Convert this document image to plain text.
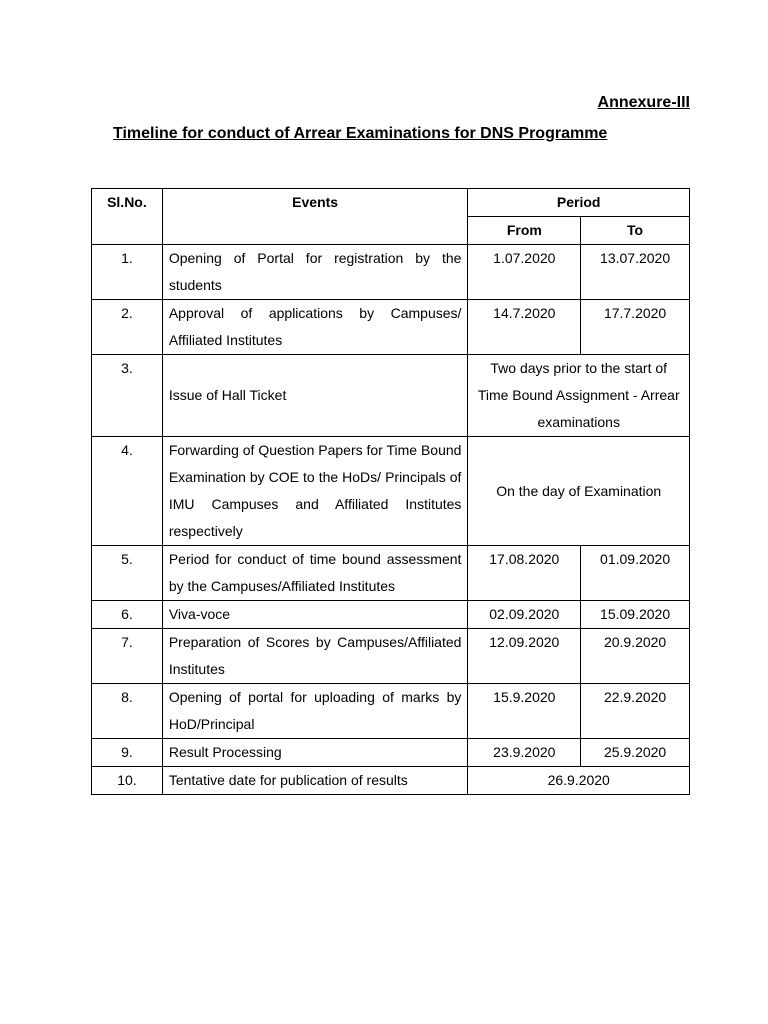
Annexure-III
Timeline for conduct of Arrear Examinations for DNS Programme
Sl.No.	Events	Period	
		From	To
1.	Opening of Portal for registration by the students	1.07.2020	13.07.2020
2.	Approval of applications by Campuses/ Affiliated Institutes	14.7.2020	17.7.2020
3.	Issue of Hall Ticket	Two days prior to the start of Time Bound Assignment - Arrear examinations	
4.	Forwarding of Question Papers for Time Bound Examination by COE to the HoDs/ Principals of IMU Campuses and Affiliated Institutes respectively	On the day of Examination	
5.	Period for conduct of time bound assessment by the Campuses/Affiliated Institutes	17.08.2020	01.09.2020
6.	Viva-voce	02.09.2020	15.09.2020
7.	Preparation of Scores by Campuses/Affiliated Institutes	12.09.2020	20.9.2020
8.	Opening of portal for uploading of marks by HoD/Principal	15.9.2020	22.9.2020
9.	Result Processing	23.9.2020	25.9.2020
10.	Tentative date for publication of results	26.9.2020	
